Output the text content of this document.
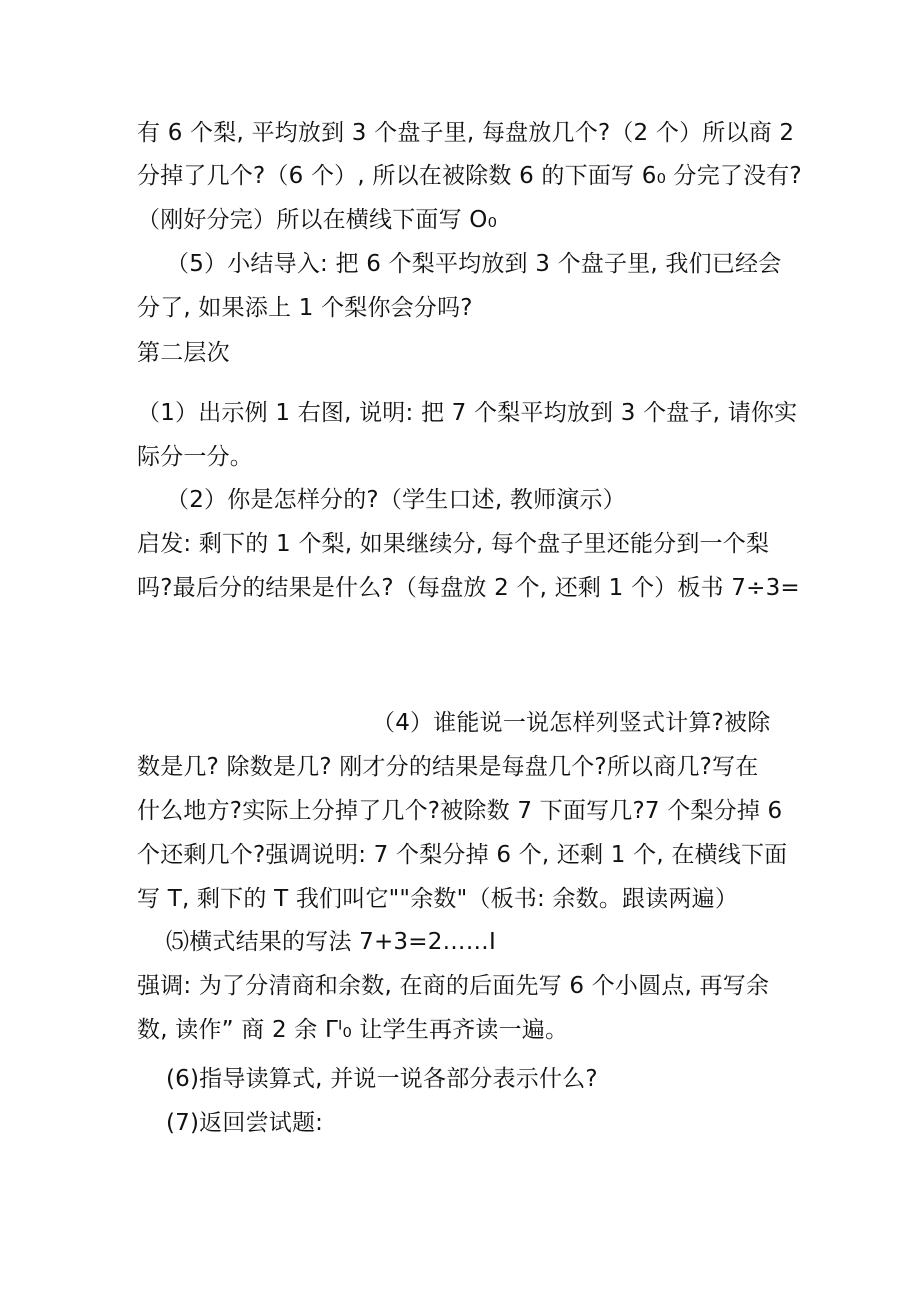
有 6 个梨, 平均放到 3 个盘子里, 每盘放几个?（2 个）所以商 2
分掉了几个?（6 个）, 所以在被除数 6 的下面写 6₀ 分完了没有?
（刚好分完）所以在横线下面写 O₀
（5）小结导入: 把 6 个梨平均放到 3 个盘子里, 我们已经会
分了, 如果添上 1 个梨你会分吗?
第二层次
（1）出示例 1 右图, 说明: 把 7 个梨平均放到 3 个盘子, 请你实
际分一分。
（2）你是怎样分的?（学生口述, 教师演示）
启发: 剩下的 1 个梨, 如果继续分, 每个盘子里还能分到一个梨
吗?最后分的结果是什么?（每盘放 2 个, 还剩 1 个）板书 7÷3=
（4）谁能说一说怎样列竖式计算?被除
数是几? 除数是几? 刚才分的结果是每盘几个?所以商几?写在
什么地方?实际上分掉了几个?被除数 7 下面写几?7 个梨分掉 6
个还剩几个?强调说明: 7 个梨分掉 6 个, 还剩 1 个, 在横线下面
写 T, 剩下的 T 我们叫它""余数"（板书: 余数。跟读两遍）
⑸横式结果的写法 7+3=2……I
强调: 为了分清商和余数, 在商的后面先写 6 个小圆点, 再写余
数, 读作” 商 2 余 Γᴵ₀ 让学生再齐读一遍。
(6)指导读算式, 并说一说各部分表示什么?
(7)返回尝试题:
